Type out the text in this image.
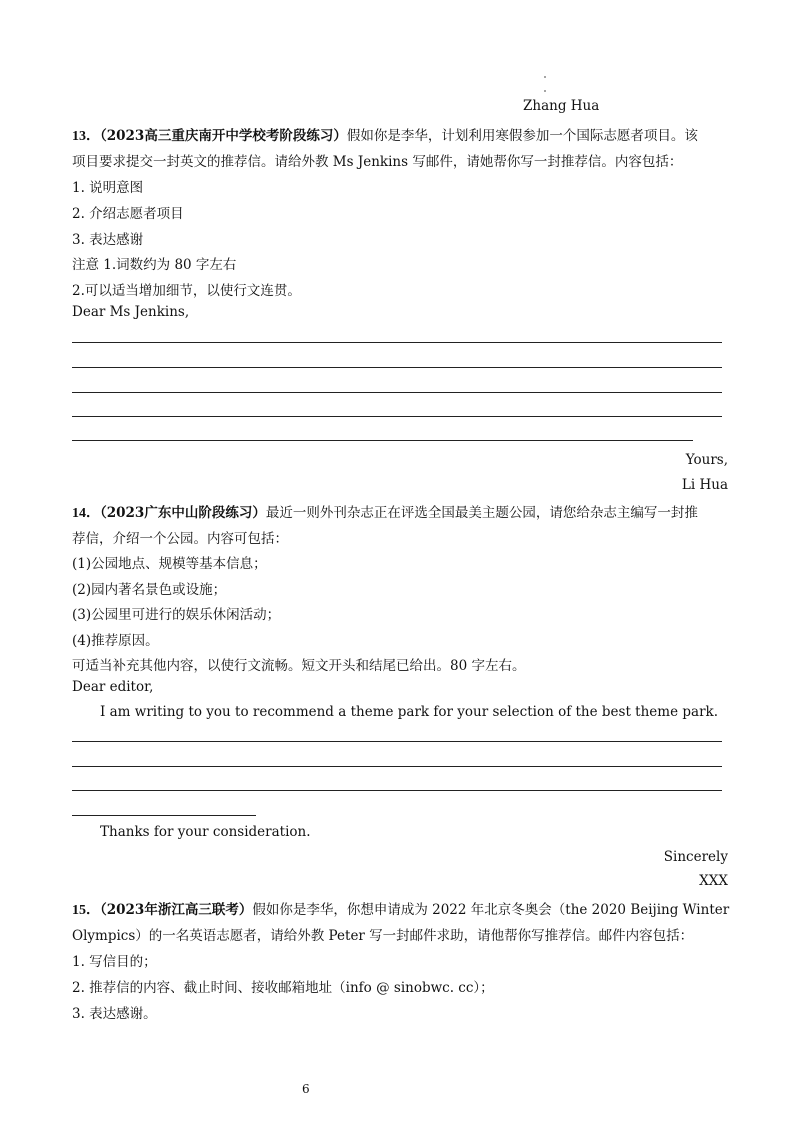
Zhang Hua
13．（2023高三重庆南开中学校考阶段练习）假如你是李华，计划利用寒假参加一个国际志愿者项目。该
项目要求提交一封英文的推荐信。请给外教 Ms Jenkins 写邮件，请她帮你写一封推荐信。内容包括：
1. 说明意图
2. 介绍志愿者项目
3. 表达感谢
注意 1.词数约为 80 字左右
2.可以适当增加细节，以使行文连贯。
Dear Ms Jenkins,
Yours,
Li Hua
14．（2023广东中山阶段练习）最近一则外刊杂志正在评选全国最美主题公园，请您给杂志主编写一封推
荐信，介绍一个公园。内容可包括：
(1)公园地点、规模等基本信息；
(2)园内著名景色或设施；
(3)公园里可进行的娱乐休闲活动；
(4)推荐原因。
可适当补充其他内容，以使行文流畅。短文开头和结尾已给出。80 字左右。
Dear editor,
I am writing to you to recommend a theme park for your selection of the best theme park.
Thanks for your consideration.
Sincerely
XXX
15．（2023年浙江高三联考）假如你是李华，你想申请成为 2022 年北京冬奥会（the 2020 Beijing Winter
Olympics）的一名英语志愿者，请给外教 Peter 写一封邮件求助，请他帮你写推荐信。邮件内容包括：
1. 写信目的；
2. 推荐信的内容、截止时间、接收邮箱地址（info @ sinobwc. cc）；
3. 表达感谢。
6
